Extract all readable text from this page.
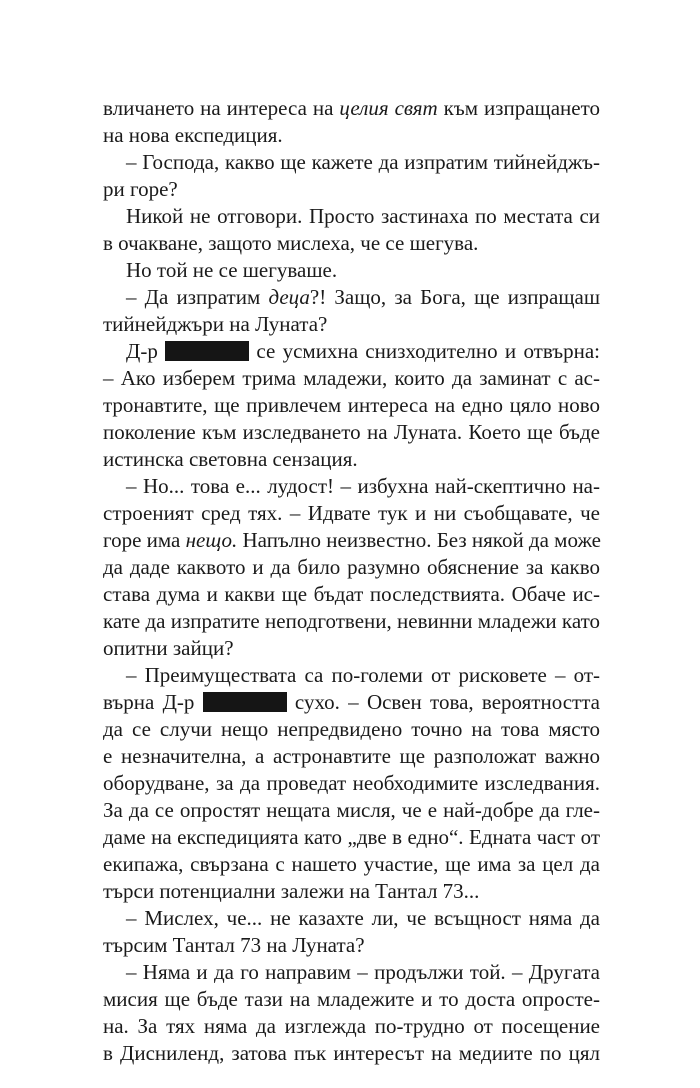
вличането на интереса на целия свят към изпращането
на нова експедиция.
– Господа, какво ще кажете да изпратим тийнейджъ-
ри горе?
Никой не отговори. Просто застинаха по местата си
в очакване, защото мислеха, че се шегува.
Но той не се шегуваше.
– Да изпратим деца?! Защо, за Бога, ще изпращаш
тийнейджъри на Луната?
Д-р	се усмихна снизходително и отвърна:
– Ако изберем трима младежи, които да заминат с ас-
тронавтите, ще привлечем интереса на едно цяло ново
поколение към изследването на Луната. Което ще бъде
истинска световна сензация.
– Но... това е... лудост! – избухна най-скептично на-
строеният сред тях. – Идвате тук и ни съобщавате, че
горе има нещо. Напълно неизвестно. Без някой да може
да даде каквото и да било разумно обяснение за какво
става дума и какви ще бъдат последствията. Обаче ис-
кате да изпратите неподготвени, невинни младежи като
опитни зайци?
– Преимуществата са по-големи от рисковете – от-
върна Д-р	сухо. – Освен това, вероятността
да се случи нещо непредвидено точно на това място
е незначителна, а астронавтите ще разположат важно
оборудване, за да проведат необходимите изследвания.
За да се опростят нещата мисля, че е най-добре да гле-
даме на експедицията като „две в едно“. Едната част от
екипажа, свързана с нашето участие, ще има за цел да
търси потенциални залежи на Тантал 73...
– Мислех, че... не казахте ли, че всъщност няма да
търсим Тантал 73 на Луната?
– Няма и да го направим – продължи той. – Другата
мисия ще бъде тази на младежите и то доста опросте-
на. За тях няма да изглежда по-трудно от посещение
в Дисниленд, затова пък интересът на медиите по цял
